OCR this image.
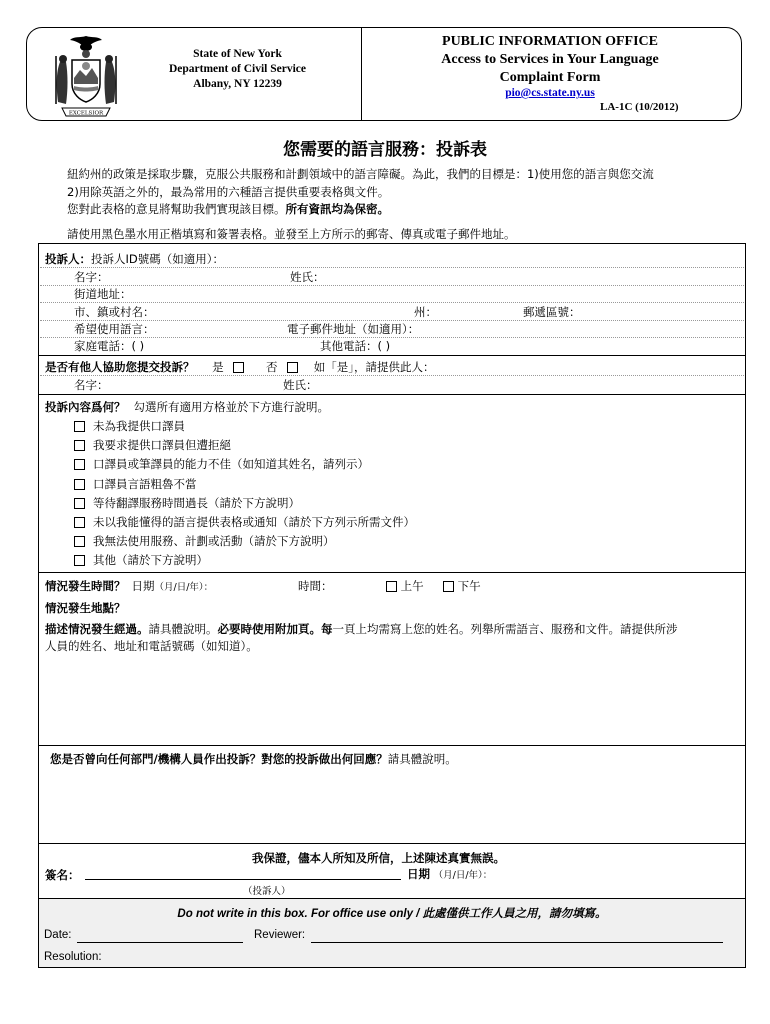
EXCELSIOR
State of New York
Department of Civil Service
Albany, NY 12239
PUBLIC INFORMATION OFFICE
Access to Services in Your Language
Complaint Form
pio@cs.state.ny.us
LA-1C (10/2012)
您需要的語言服務：投訴表
紐約州的政策是採取步驟，克服公共服務和計劃領域中的語言障礙。為此，我們的目標是：1)使用您的語言與您交流
2)用除英語之外的，最為常用的六種語言提供重要表格與文件。
您對此表格的意見將幫助我們實現該目標。所有資訊均為保密。
請使用黑色墨水用正楷填寫和簽署表格。並發至上方所示的郵寄、傳真或電子郵件地址。
投訴人：投訴人ID號碼（如適用）：
名字：	姓氏：
街道地址：
市、鎮或村名：	州：	郵遞區號：
希望使用語言：	電子郵件地址（如適用）：
家庭電話：( )	其他電話：( )
是否有他人協助您提交投訴？ 是	否	如「是」，請提供此人：
名字：	姓氏：
投訴內容爲何？ 勾選所有適用方格並於下方進行說明。
未為我提供口譯員
我要求提供口譯員但遭拒絕
口譯員或筆譯員的能力不佳（如知道其姓名，請列示）
口譯員言語粗魯不當
等待翻譯服務時間過長（請於下方說明）
未以我能懂得的語言提供表格或通知（請於下方列示所需文件）
我無法使用服務、計劃或活動（請於下方說明）
其他（請於下方說明）
情況發生時間？ 日期（月/日/年）：	時間：	上午	下午
情況發生地點？
描述情況發生經過。請具體說明。必要時使用附加頁。每一頁上均需寫上您的姓名。列舉所需語言、服務和文件。請提供所涉
人員的姓名、地址和電話號碼（如知道）。
您是否曾向任何部門/機構人員作出投訴？對您的投訴做出何回應？請具體說明。
我保證，儘本人所知及所信，上述陳述真實無誤。
簽名：	日期 （月/日/年）：
（投訴人）
Do not write in this box. For office use only / 此處僅供工作人員之用，請勿填寫。
Date:	Reviewer:
Resolution:
